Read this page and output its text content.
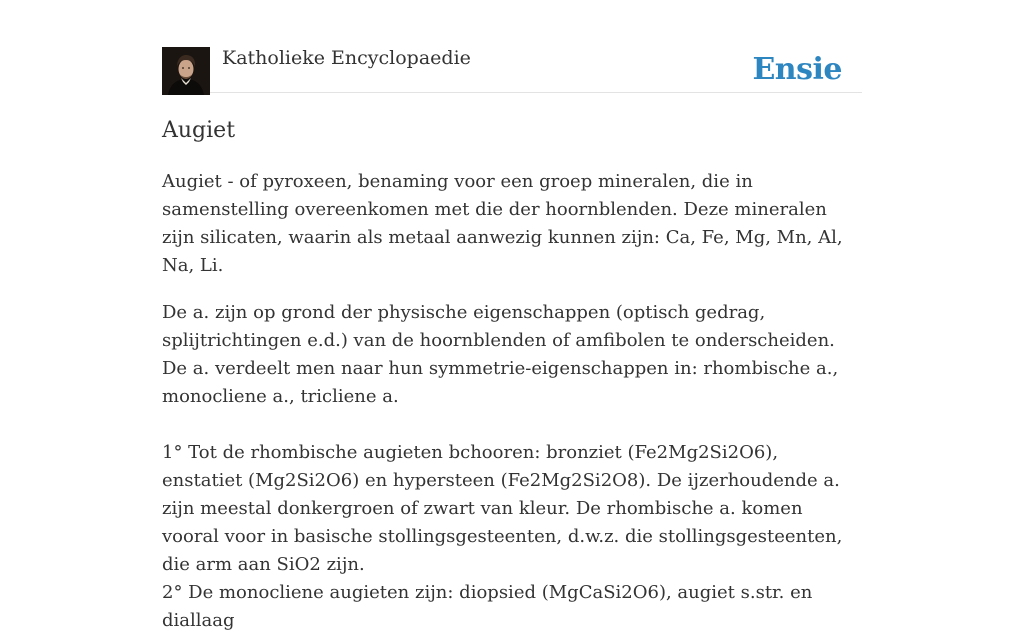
Katholieke Encyclopaedie	Ensie
Augiet

Augiet - of pyroxeen, benaming voor een groep mineralen, die in samenstelling overeenkomen met die der hoornblenden. Deze mineralen zijn silicaten, waarin als metaal aanwezig kunnen zijn: Ca, Fe, Mg, Mn, Al, Na, Li.

De a. zijn op grond der physische eigenschappen (optisch gedrag, splijtrichtingen e.d.) van de hoornblenden of amfibolen te onderscheiden. De a. verdeelt men naar hun symmetrie-eigenschappen in: rhombische a., monocliene a., tricliene a.

1° Tot de rhombische augieten bchooren: bronziet (Fe2Mg2Si2O6), enstatiet (Mg2Si2O6) en hypersteen (Fe2Mg2Si2O8). De ijzerhoudende a. zijn meestal donkergroen of zwart van kleur. De rhombische a. komen vooral voor in basische stollingsgesteenten, d.w.z. die stollingsgesteenten, die arm aan SiO2 zijn.
2° De monocliene augieten zijn: diopsied (MgCaSi2O6), augiet s.str. en diallaag
